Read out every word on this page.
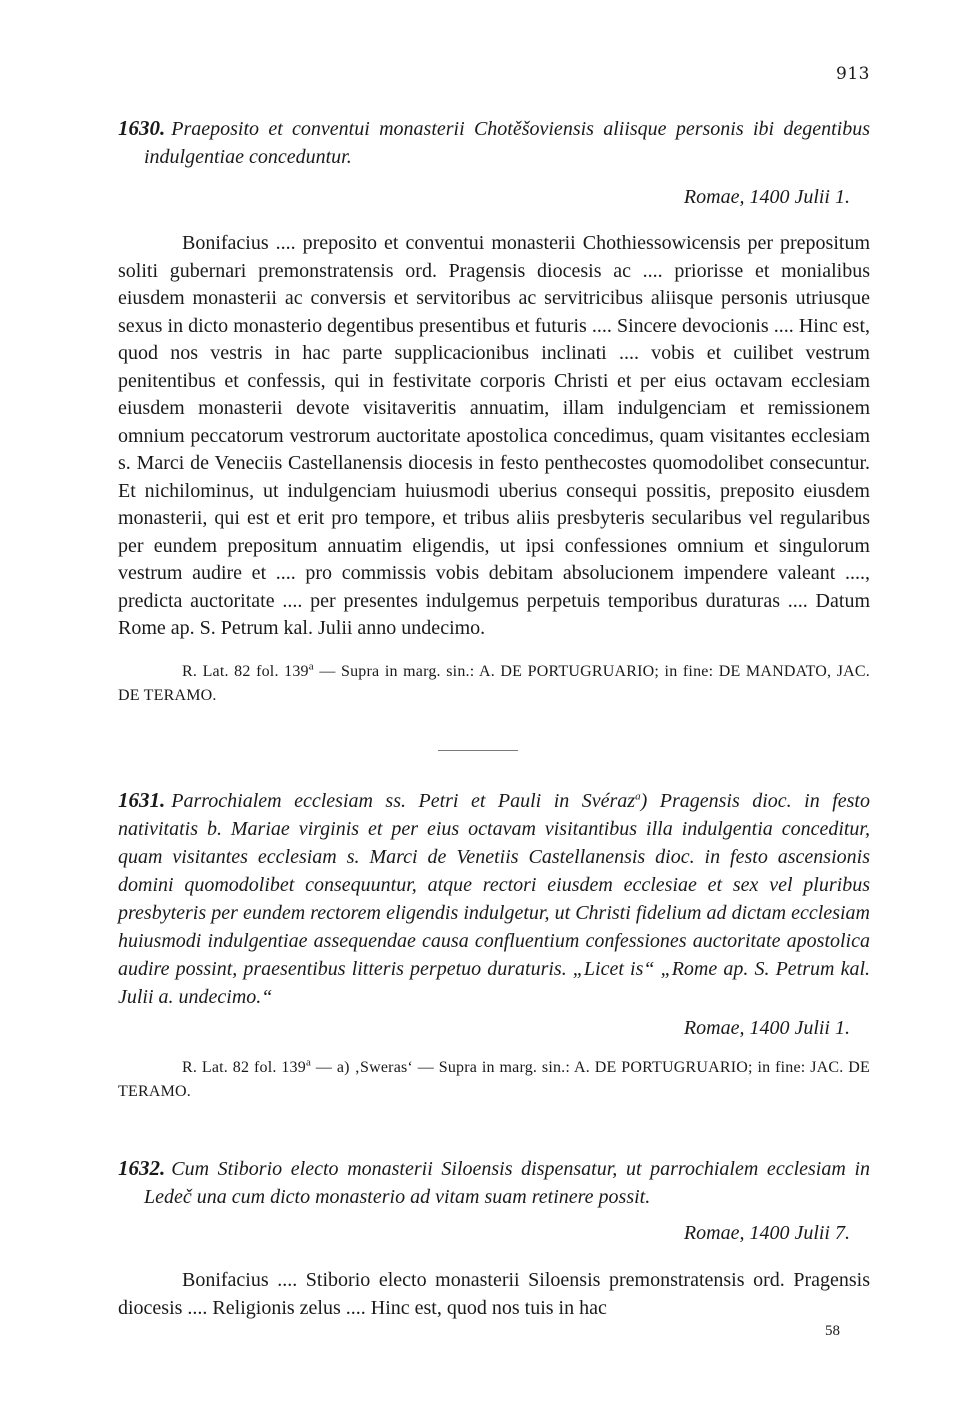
913

1630. Praeposito et conventui monasterii Chotěšoviensis aliisque personis ibi degentibus indulgentiae conceduntur.

Romae, 1400 Julii 1.

Bonifacius .... preposito et conventui monasterii Chothiessowicensis per prepositum soliti gubernari premonstratensis ord. Pragensis diocesis ac .... priorisse et monialibus eiusdem monasterii ac conversis et servitoribus ac servitricibus aliisque personis utriusque sexus in dicto monasterio degentibus presentibus et futuris .... Sincere devocionis .... Hinc est, quod nos vestris in hac parte supplicacionibus inclinati .... vobis et cuilibet vestrum penitentibus et confessis, qui in festivitate corporis Christi et per eius octavam ecclesiam eiusdem monasterii devote visitaveritis annuatim, illam indulgenciam et remissionem omnium peccatorum vestrorum auctoritate apostolica concedimus, quam visitantes ecclesiam s. Marci de Veneciis Castellanensis diocesis in festo penthecostes quomodolibet consecuntur. Et nichilominus, ut indulgenciam huiusmodi uberius consequi possitis, preposito eiusdem monasterii, qui est et erit pro tempore, et tribus aliis presbyteris secularibus vel regularibus per eundem prepositum annuatim eligendis, ut ipsi confessiones omnium et singulorum vestrum audire et .... pro commissis vobis debitam absolucionem impendere valeant ...., predicta auctoritate .... per presentes indulgemus perpetuis temporibus duraturas .... Datum Rome ap. S. Petrum kal. Julii anno undecimo.

R. Lat. 82 fol. 139$^a$ — Supra in marg. sin.: A. DE PORTUGRUARIO; in fine: DE MANDATO, JAC. DE TERAMO.

1631. Parrochialem ecclesiam ss. Petri et Pauli in Svéraz$^a$) Pragensis dioc. in festo nativitatis b. Mariae virginis et per eius octavam visitantibus illa indulgentia conceditur, quam visitantes ecclesiam s. Marci de Venetiis Castellanensis dioc. in festo ascensionis domini quomodolibet consequuntur, atque rectori eiusdem ecclesiae et sex vel pluribus presbyteris per eundem rectorem eligendis indulgetur, ut Christi fidelium ad dictam ecclesiam huiusmodi indulgentiae assequendae causa confluentium confessiones auctoritate apostolica audire possint, praesentibus litteris perpetuo duraturis. „Licet is“ „Rome ap. S. Petrum kal. Julii a. undecimo.“

Romae, 1400 Julii 1.

R. Lat. 82 fol. 139$^a$ — a) ‚Sweras‘ — Supra in marg. sin.: A. DE PORTUGRUARIO; in fine: JAC. DE TERAMO.

1632. Cum Stiborio electo monasterii Siloensis dispensatur, ut parrochialem ecclesiam in Ledeč una cum dicto monasterio ad vitam suam retinere possit.

Romae, 1400 Julii 7.

Bonifacius .... Stiborio electo monasterii Siloensis premonstratensis ord. Pragensis diocesis .... Religionis zelus .... Hinc est, quod nos tuis in hac

58
